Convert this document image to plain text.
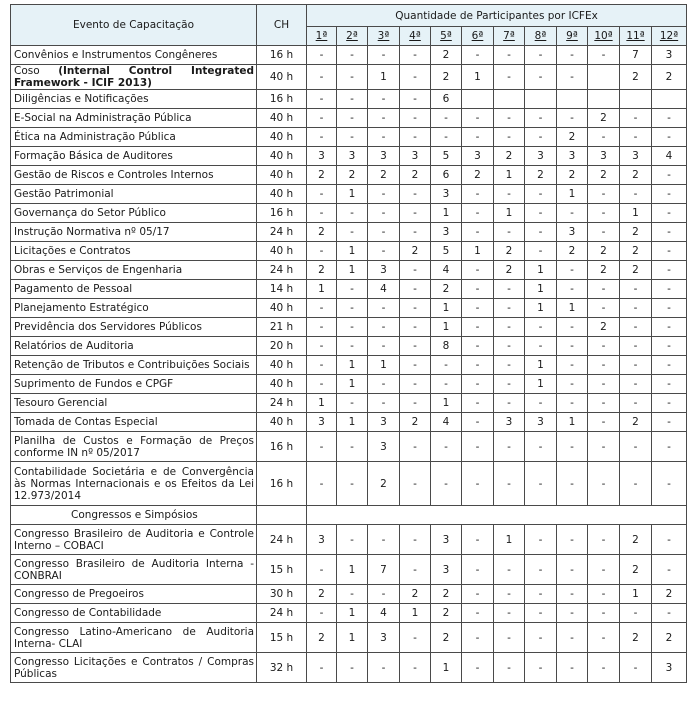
Evento de Capacitação	CH	Quantidade de Participantes por ICFEx											
		1ª	2ª	3ª	4ª	5ª	6ª	7ª	8ª	9ª	10ª	11ª	12ª
Convênios e Instrumentos Congêneres	16 h	-	-	-	-	2	-	-	-	-	-	7	3
Coso (Internal Control Integrated Framework - ICIF 2013)	40 h	-	-	1	-	2	1	-	-	-		2	2
Diligências e Notificações	16 h	-	-	-	-	6							
E-Social na Administração Pública	40 h	-	-	-	-	-	-	-	-	-	2	-	-
Ética na Administração Pública	40 h	-	-	-	-	-	-	-	-	2	-	-	-
Formação Básica de Auditores	40 h	3	3	3	3	5	3	2	3	3	3	3	4
Gestão de Riscos e Controles Internos	40 h	2	2	2	2	6	2	1	2	2	2	2	-
Gestão Patrimonial	40 h	-	1	-	-	3	-	-	-	1	-	-	-
Governança do Setor Público	16 h	-	-	-	-	1	-	1	-	-	-	1	-
Instrução Normativa nº 05/17	24 h	2	-	-	-	3	-	-	-	3	-	2	-
Licitações e Contratos	40 h	-	1	-	2	5	1	2	-	2	2	2	-
Obras e Serviços de Engenharia	24 h	2	1	3	-	4	-	2	1	-	2	2	-
Pagamento de Pessoal	14 h	1	-	4	-	2	-	-	1	-	-	-	-
Planejamento Estratégico	40 h	-	-	-	-	1	-	-	1	1	-	-	-
Previdência dos Servidores Públicos	21 h	-	-	-	-	1	-	-	-	-	2	-	-
Relatórios de Auditoria	20 h	-	-	-	-	8	-	-	-	-	-	-	-
Retenção de Tributos e Contribuições Sociais	40 h	-	1	1	-	-	-	-	1	-	-	-	-
Suprimento de Fundos e CPGF	40 h	-	1	-	-	-	-	-	1	-	-	-	-
Tesouro Gerencial	24 h	1	-	-	-	1	-	-	-	-	-	-	-
Tomada de Contas Especial	40 h	3	1	3	2	4	-	3	3	1	-	2	-
Planilha de Custos e Formação de Preços conforme IN nº 05/2017	16 h	-	-	3	-	-	-	-	-	-	-	-	-
Contabilidade Societária e de Convergência às Normas Internacionais e os Efeitos da Lei 12.973/2014	16 h	-	-	2	-	-	-	-	-	-	-	-	-
Congressos e Simpósios													
Congresso Brasileiro de Auditoria e Controle Interno – COBACI	24 h	3	-	-	-	3	-	1	-	-	-	2	-
Congresso Brasileiro de Auditoria Interna - CONBRAI	15 h	-	1	7	-	3	-	-	-	-	-	2	-
Congresso de Pregoeiros	30 h	2	-	-	2	2	-	-	-	-	-	1	2
Congresso de Contabilidade	24 h	-	1	4	1	2	-	-	-	-	-	-	-
Congresso Latino-Americano de Auditoria Interna- CLAI	15 h	2	1	3	-	2	-	-	-	-	-	2	2
Congresso Licitações e Contratos / Compras Públicas	32 h	-	-	-	-	1	-	-	-	-	-	-	3
